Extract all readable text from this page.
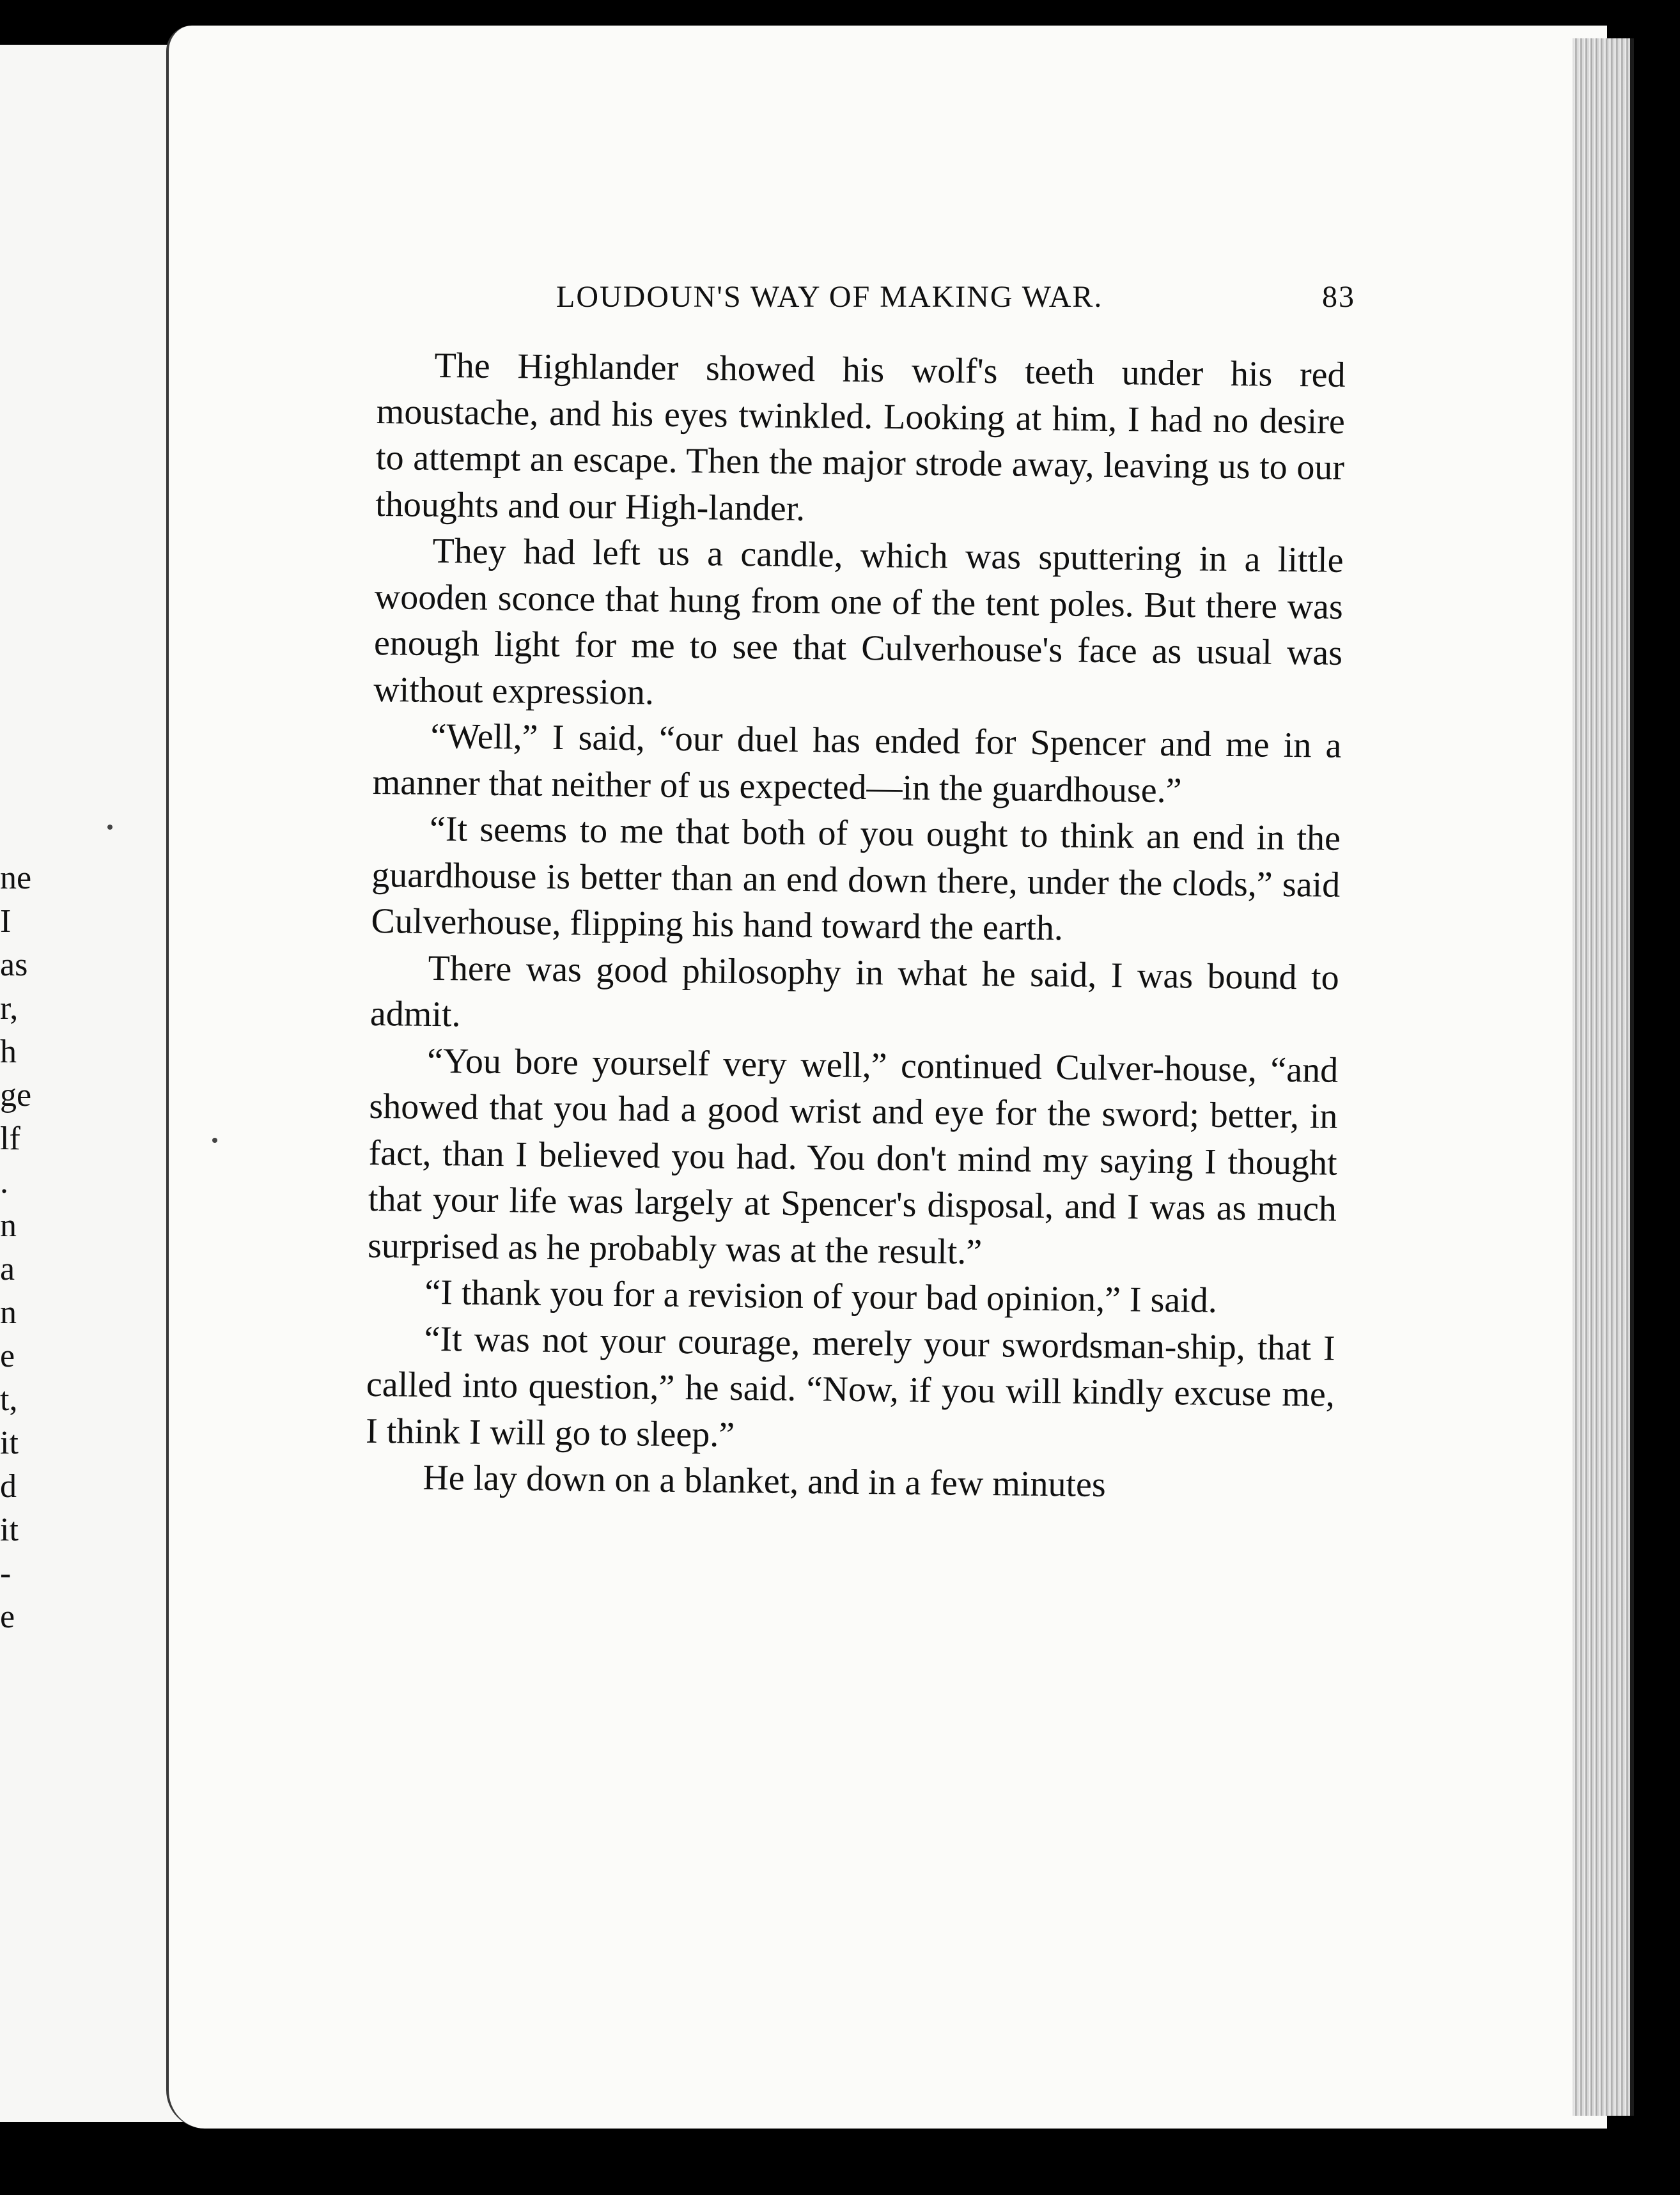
ne
I
as
r,
h
ge
lf
.
n
a
n
e
t,
it
d
it
-
e
LOUDOUN'S WAY OF MAKING WAR.	83

The Highlander showed his wolf's teeth under his red moustache, and his eyes twinkled. Looking at him, I had no desire to attempt an escape. Then the major strode away, leaving us to our thoughts and our High-lander.

They had left us a candle, which was sputtering in a little wooden sconce that hung from one of the tent poles. But there was enough light for me to see that Culverhouse's face as usual was without expression.

“Well,” I said, “our duel has ended for Spencer and me in a manner that neither of us expected—in the guardhouse.”

“It seems to me that both of you ought to think an end in the guardhouse is better than an end down there, under the clods,” said Culverhouse, flipping his hand toward the earth.

There was good philosophy in what he said, I was bound to admit.

“You bore yourself very well,” continued Culver-house, “and showed that you had a good wrist and eye for the sword; better, in fact, than I believed you had. You don't mind my saying I thought that your life was largely at Spencer's disposal, and I was as much surprised as he probably was at the result.”

“I thank you for a revision of your bad opinion,” I said.

“It was not your courage, merely your swordsman-ship, that I called into question,” he said. “Now, if you will kindly excuse me, I think I will go to sleep.”

He lay down on a blanket, and in a few minutes
